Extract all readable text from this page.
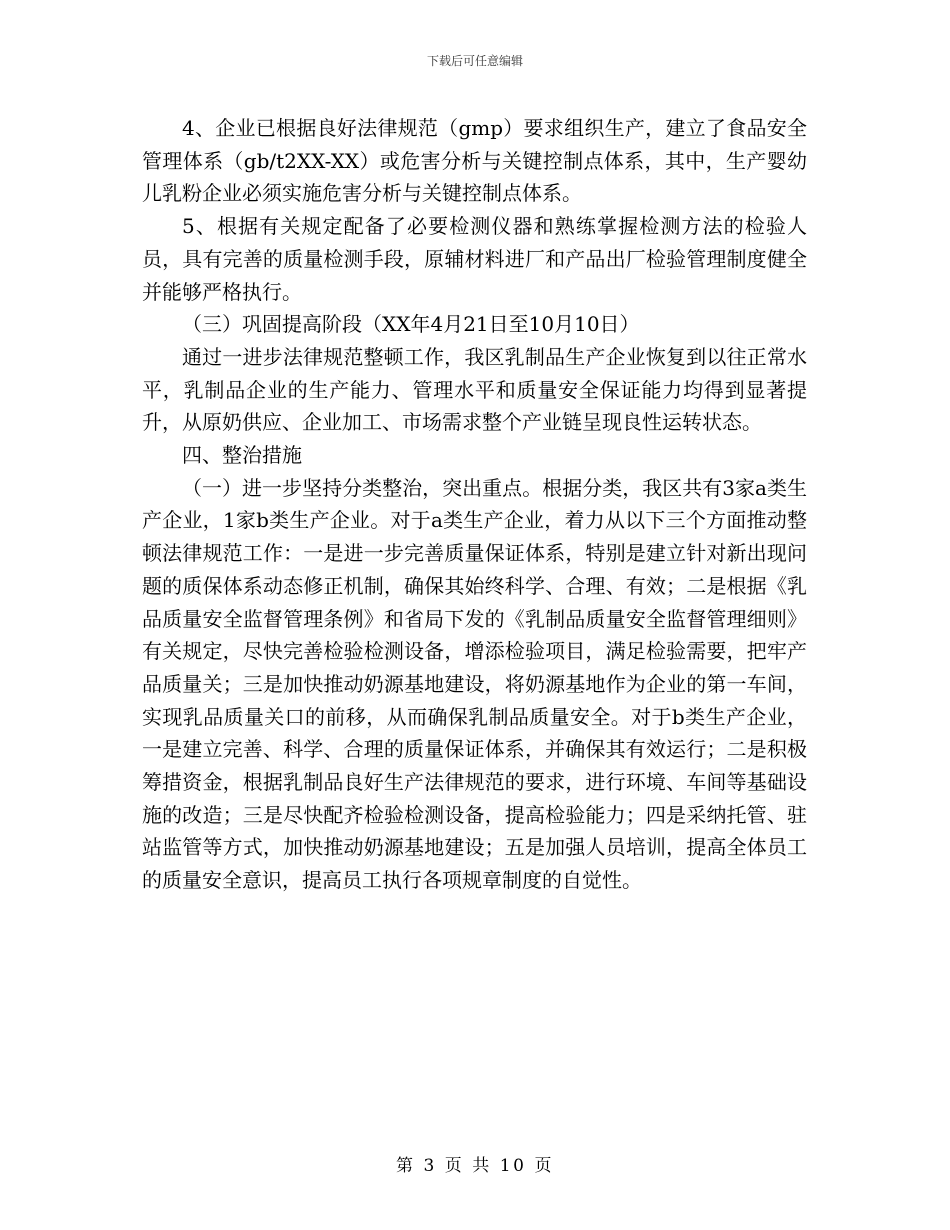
下载后可任意编辑

4、企业已根据良好法律规范（gmp）要求组织生产，建立了食品安全管理体系（gb/t2XX-XX）或危害分析与关键控制点体系，其中，生产婴幼儿乳粉企业必须实施危害分析与关键控制点体系。

5、根据有关规定配备了必要检测仪器和熟练掌握检测方法的检验人员，具有完善的质量检测手段，原辅材料进厂和产品出厂检验管理制度健全并能够严格执行。

（三）巩固提高阶段（XX年4月21日至10月10日）

通过一进步法律规范整顿工作，我区乳制品生产企业恢复到以往正常水平，乳制品企业的生产能力、管理水平和质量安全保证能力均得到显著提升，从原奶供应、企业加工、市场需求整个产业链呈现良性运转状态。

四、整治措施

（一）进一步坚持分类整治，突出重点。根据分类，我区共有3家a类生产企业，1家b类生产企业。对于a类生产企业，着力从以下三个方面推动整顿法律规范工作：一是进一步完善质量保证体系，特别是建立针对新出现问题的质保体系动态修正机制，确保其始终科学、合理、有效；二是根据《乳品质量安全监督管理条例》和省局下发的《乳制品质量安全监督管理细则》有关规定，尽快完善检验检测设备，增添检验项目，满足检验需要，把牢产品质量关；三是加快推动奶源基地建设，将奶源基地作为企业的第一车间，实现乳品质量关口的前移，从而确保乳制品质量安全。对于b类生产企业，一是建立完善、科学、合理的质量保证体系，并确保其有效运行；二是积极筹措资金，根据乳制品良好生产法律规范的要求，进行环境、车间等基础设施的改造；三是尽快配齐检验检测设备，提高检验能力；四是采纳托管、驻站监管等方式，加快推动奶源基地建设；五是加强人员培训，提高全体员工的质量安全意识，提高员工执行各项规章制度的自觉性。

第 3 页 共 10 页
